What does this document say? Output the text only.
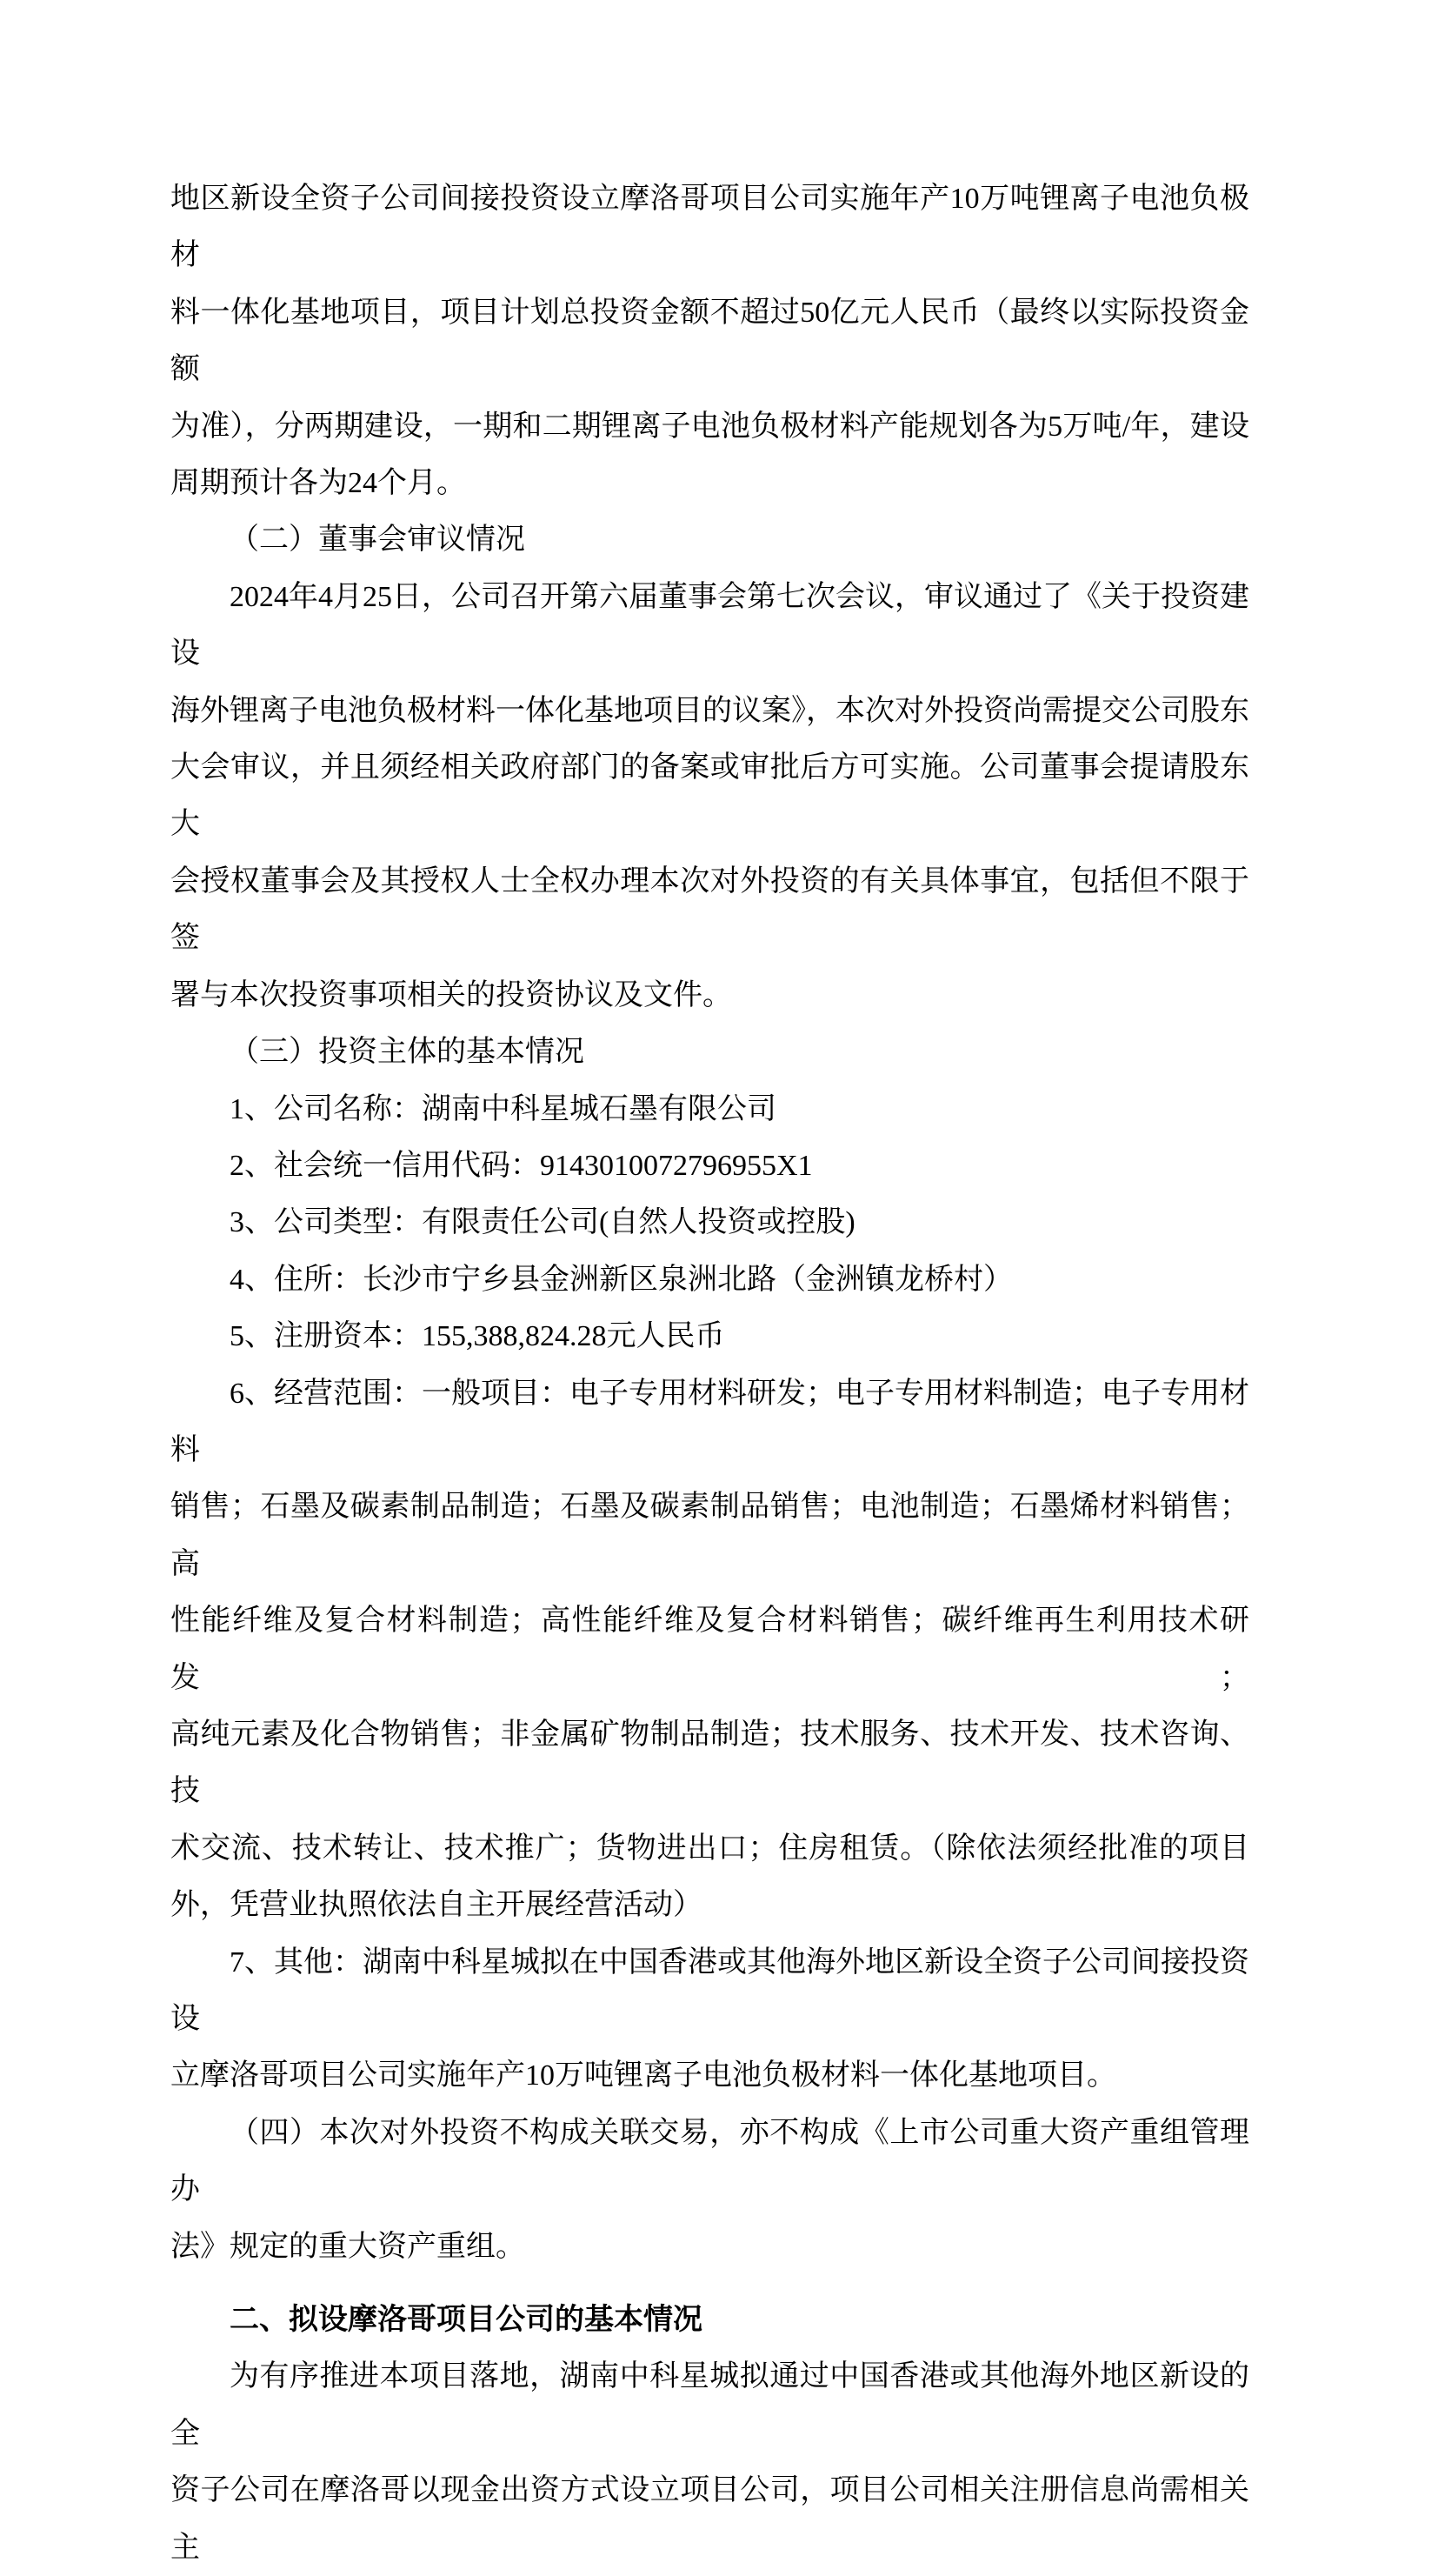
地区新设全资子公司间接投资设立摩洛哥项目公司实施年产10万吨锂离子电池负极材

料一体化基地项目，项目计划总投资金额不超过50亿元人民币（最终以实际投资金额

为准），分两期建设，一期和二期锂离子电池负极材料产能规划各为5万吨/年，建设

周期预计各为24个月。

（二）董事会审议情况

2024年4月25日，公司召开第六届董事会第七次会议，审议通过了《关于投资建设

海外锂离子电池负极材料一体化基地项目的议案》，本次对外投资尚需提交公司股东

大会审议，并且须经相关政府部门的备案或审批后方可实施。公司董事会提请股东大

会授权董事会及其授权人士全权办理本次对外投资的有关具体事宜，包括但不限于签

署与本次投资事项相关的投资协议及文件。

（三）投资主体的基本情况

1、公司名称：湖南中科星城石墨有限公司

2、社会统一信用代码：9143010072796955X1

3、公司类型：有限责任公司(自然人投资或控股)

4、住所：长沙市宁乡县金洲新区泉洲北路（金洲镇龙桥村）

5、注册资本：155,388,824.28元人民币

6、经营范围：一般项目：电子专用材料研发；电子专用材料制造；电子专用材料

销售；石墨及碳素制品制造；石墨及碳素制品销售；电池制造；石墨烯材料销售；高

性能纤维及复合材料制造；高性能纤维及复合材料销售；碳纤维再生利用技术研发；

高纯元素及化合物销售；非金属矿物制品制造；技术服务、技术开发、技术咨询、技

术交流、技术转让、技术推广；货物进出口；住房租赁。（除依法须经批准的项目

外，凭营业执照依法自主开展经营活动）

7、其他：湖南中科星城拟在中国香港或其他海外地区新设全资子公司间接投资设

立摩洛哥项目公司实施年产10万吨锂离子电池负极材料一体化基地项目。

（四）本次对外投资不构成关联交易，亦不构成《上市公司重大资产重组管理办

法》规定的重大资产重组。

二、拟设摩洛哥项目公司的基本情况

为有序推进本项目落地，湖南中科星城拟通过中国香港或其他海外地区新设的全

资子公司在摩洛哥以现金出资方式设立项目公司，项目公司相关注册信息尚需相关主
